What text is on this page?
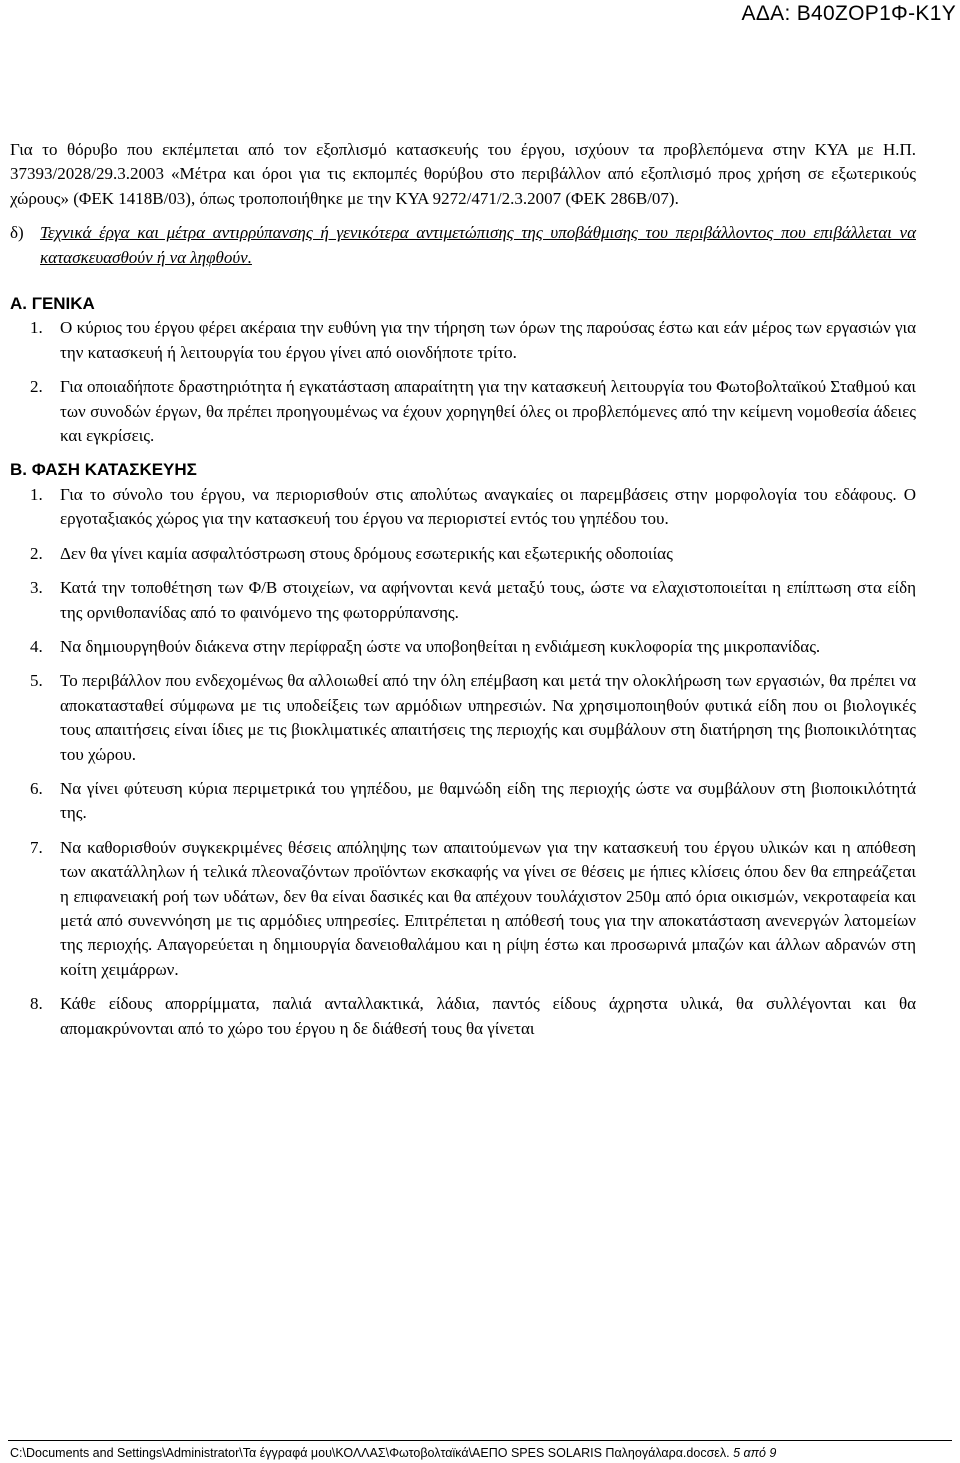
ΑΔΑ: Β40ΖΟΡ1Φ-Κ1Υ

Για το θόρυβο που εκπέμπεται από τον εξοπλισμό κατασκευής του έργου, ισχύουν τα προβλεπόμενα στην ΚΥΑ με Η.Π. 37393/2028/29.3.2003 «Μέτρα και όροι για τις εκπομπές θορύβου στο περιβάλλον από εξοπλισμό προς χρήση σε εξωτερικούς χώρους» (ΦΕΚ 1418Β/03), όπως τροποποιήθηκε με την ΚΥΑ 9272/471/2.3.2007 (ΦΕΚ 286Β/07).

δ) Τεχνικά έργα και μέτρα αντιρρύπανσης ή γενικότερα αντιμετώπισης της υποβάθμισης του περιβάλλοντος που επιβάλλεται να κατασκευασθούν ή να ληφθούν.

Α. ΓΕΝΙΚΑ

1.	Ο κύριος του έργου φέρει ακέραια την ευθύνη για την τήρηση των όρων της παρούσας έστω και εάν μέρος των εργασιών για την κατασκευή ή λειτουργία του έργου γίνει από οιονδήποτε τρίτο.
2.	Για οποιαδήποτε δραστηριότητα ή εγκατάσταση απαραίτητη για την κατασκευή λειτουργία του Φωτοβολταϊκού Σταθμού και των συνοδών έργων, θα πρέπει προηγουμένως να έχουν χορηγηθεί όλες οι προβλεπόμενες από την κείμενη νομοθεσία άδειες και εγκρίσεις.

Β. ΦΑΣΗ ΚΑΤΑΣΚΕΥΗΣ

1.	Για το σύνολο του έργου, να περιορισθούν στις απολύτως αναγκαίες οι παρεμβάσεις στην μορφολογία του εδάφους. Ο εργοταξιακός χώρος για την κατασκευή του έργου να περιοριστεί εντός του γηπέδου του.
2.	Δεν θα γίνει καμία ασφαλτόστρωση στους δρόμους εσωτερικής και εξωτερικής οδοποιίας
3.	Κατά την τοποθέτηση των Φ/Β στοιχείων, να αφήνονται κενά μεταξύ τους, ώστε να ελαχιστοποιείται η επίπτωση στα είδη της ορνιθοπανίδας από το φαινόμενο της φωτορρύπανσης.
4.	Να δημιουργηθούν διάκενα στην περίφραξη ώστε να υποβοηθείται η ενδιάμεση κυκλοφορία της μικροπανίδας.
5.	Το περιβάλλον που ενδεχομένως θα αλλοιωθεί από την όλη επέμβαση και μετά την ολοκλήρωση των εργασιών, θα πρέπει να αποκατασταθεί σύμφωνα με τις υποδείξεις των αρμόδιων υπηρεσιών. Να χρησιμοποιηθούν φυτικά είδη που οι βιολογικές τους απαιτήσεις είναι ίδιες με τις βιοκλιματικές απαιτήσεις της περιοχής και συμβάλουν στη διατήρηση της βιοποικιλότητας του χώρου.
6.	Να γίνει φύτευση κύρια περιμετρικά του γηπέδου, με θαμνώδη είδη της περιοχής ώστε να συμβάλουν στη βιοποικιλότητά της.
7.	Να καθορισθούν συγκεκριμένες θέσεις απόληψης των απαιτούμενων για την κατασκευή του έργου υλικών και η απόθεση των ακατάλληλων ή τελικά πλεοναζόντων προϊόντων εκσκαφής να γίνει σε θέσεις με ήπιες κλίσεις όπου δεν θα επηρεάζεται η επιφανειακή ροή των υδάτων, δεν θα είναι δασικές και θα απέχουν τουλάχιστον 250μ από όρια οικισμών, νεκροταφεία και μετά από συνεννόηση με τις αρμόδιες υπηρεσίες. Επιτρέπεται η απόθεσή τους για την αποκατάσταση ανενεργών λατομείων της περιοχής. Απαγορεύεται η δημιουργία δανειοθαλάμου και η ρίψη έστω και προσωρινά μπαζών και άλλων αδρανών στη κοίτη χειμάρρων.
8.	Κάθε είδους απορρίμματα, παλιά ανταλλακτικά, λάδια, παντός είδους άχρηστα υλικά, θα συλλέγονται και θα απομακρύνονται από το χώρο του έργου η δε διάθεσή τους θα γίνεται
C:\Documents and Settings\Administrator\Τα έγγραφά μου\ΚΟΛΛΑΣ\Φωτοβολταϊκά\ΑΕΠΟ SPES SOLARIS Παληογάλαρα.docσελ. 5 από 9
